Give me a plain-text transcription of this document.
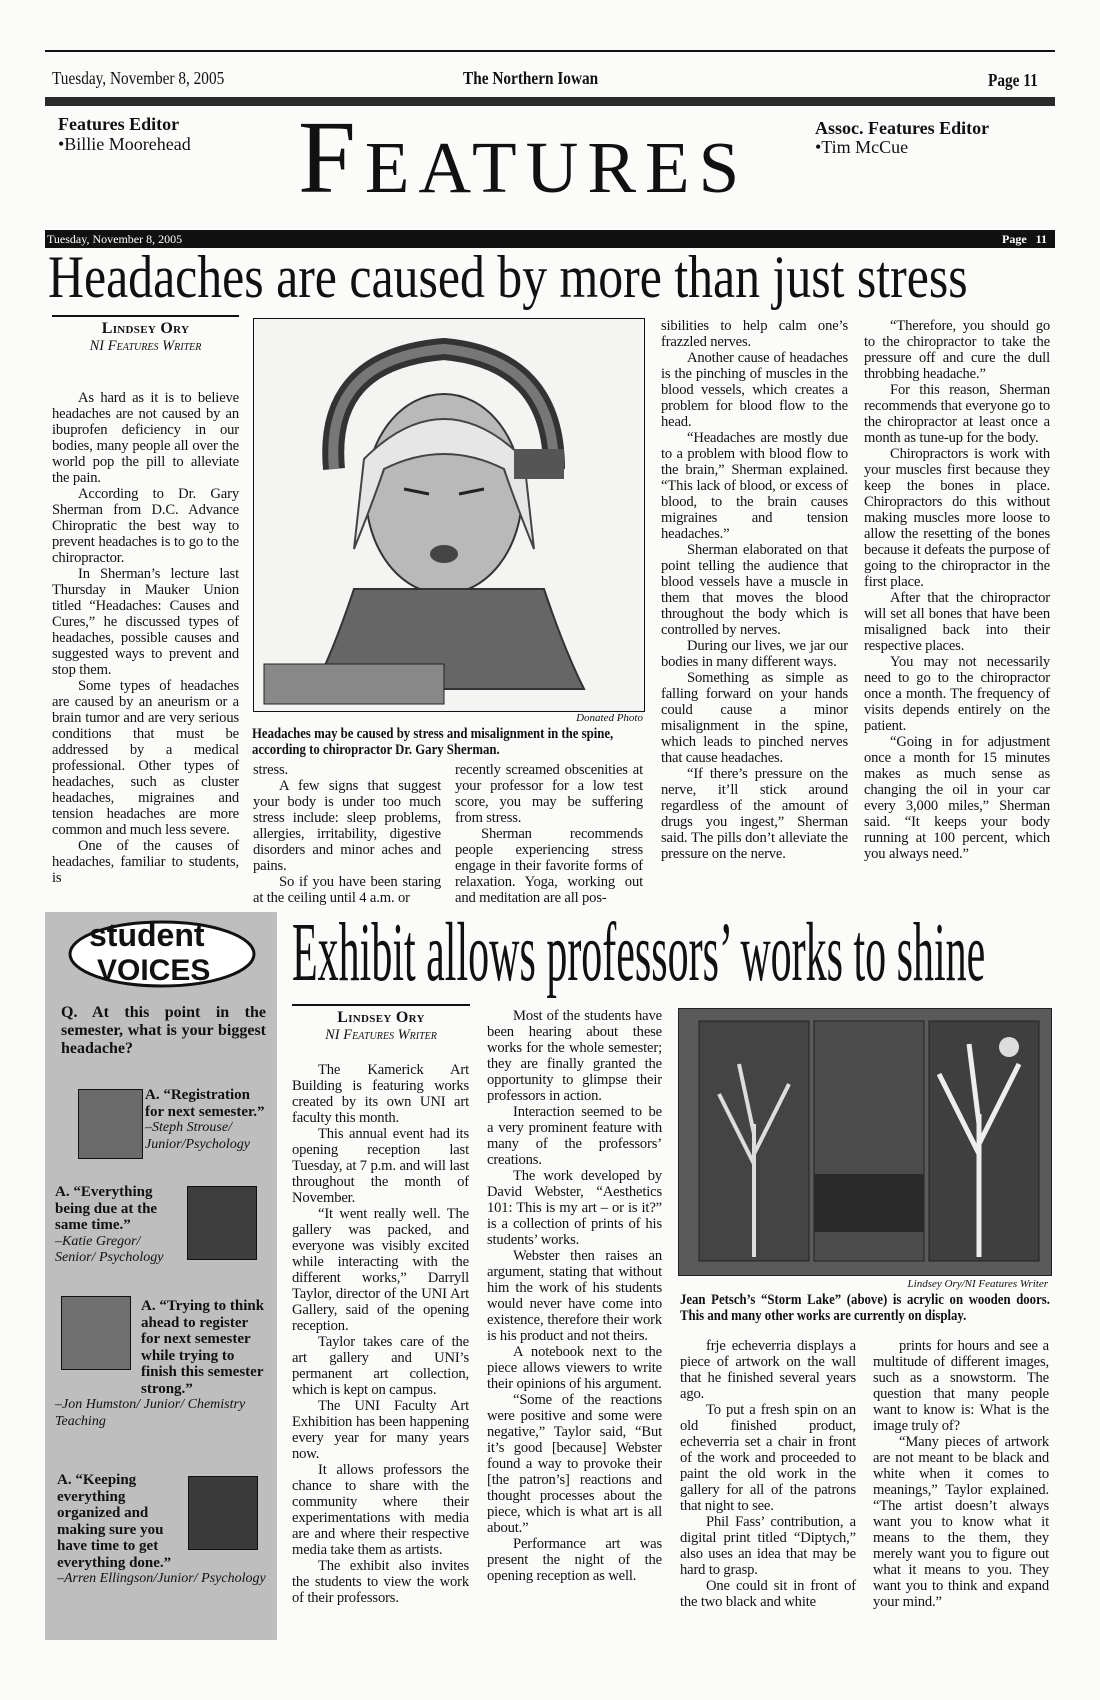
Tuesday, November 8, 2005	The Northern Iowan	Page 11
Features Editor
•Billie Moorehead Features	Assoc. Features Editor
•Tim McCue
Tuesday, November 8, 2005	Page   11
Headaches are caused by more than just stress
Lindsey Ory
NI Features Writer

As hard as it is to believe headaches are not caused by an ibuprofen deficiency in our bodies, many people all over the world pop the pill to alleviate the pain.

According to Dr. Gary Sherman from D.C. Advance Chiropratic the best way to prevent headaches is to go to the chiropractor.

In Sherman’s lecture last Thursday in Mauker Union titled “Headaches: Causes and Cures,” he discussed types of headaches, possible causes and suggested ways to prevent and stop them.

Some types of headaches are caused by an aneurism or a brain tumor and are very serious conditions that must be addressed by a medical professional. Other types of headaches, such as cluster headaches, migraines and tension headaches are more common and much less severe.

One of the causes of headaches, familiar to students, is

Donated Photo
Headaches may be caused by stress and misalignment in the spine, according to chiropractor Dr. Gary Sherman.

stress.

A few signs that suggest your body is under too much stress include: sleep problems, allergies, irritability, digestive disorders and minor aches and pains.

So if you have been staring at the ceiling until 4 a.m. or

recently screamed obscenities at your professor for a low test score, you may be suffering from stress.

Sherman recommends people experiencing stress engage in their favorite forms of relaxation. Yoga, working out and meditation are all pos-

sibilities to help calm one’s frazzled nerves.

Another cause of headaches is the pinching of muscles in the blood vessels, which creates a problem for blood flow to the head.

“Headaches are mostly due to a problem with blood flow to the brain,” Sherman explained. “This lack of blood, or excess of blood, to the brain causes migraines and tension headaches.”

Sherman elaborated on that point telling the audience that blood vessels have a muscle in them that moves the blood throughout the body which is controlled by nerves.

During our lives, we jar our bodies in many different ways.

Something as simple as falling forward on your hands could cause a minor misalignment in the spine, which leads to pinched nerves that cause headaches.

“If there’s pressure on the nerve, it’ll stick around regardless of the amount of drugs you ingest,” Sherman said. The pills don’t alleviate the pressure on the nerve.

“Therefore, you should go to the chiropractor to take the pressure off and cure the dull throbbing headache.”

For this reason, Sherman recommends that everyone go to the chiropractor at least once a month as tune-up for the body.

Chiropractors is work with your muscles first because they keep the bones in place. Chiropractors do this without making muscles more loose to allow the resetting of the bones because it defeats the purpose of going to the chiropractor in the first place.

After that the chiropractor will set all bones that have been misaligned back into their respective places.

You may not necessarily need to go to the chiropractor once a month. The frequency of visits depends entirely on the patient.

“Going in for adjustment once a month for 15 minutes makes as much sense as changing the oil in your car every 3,000 miles,” Sherman said. “It keeps your body running at 100 percent, which you always need.”

student
VOICES
Q. At this point in the semester, what is your biggest headache?
A. “Registration for next semester.”
–Steph Strouse/ Junior/Psychology
A. “Everything being due at the same time.”
–Katie Gregor/ Senior/ Psychology
A. “Trying to think ahead to register for next semester while trying to finish this semester strong.”
–Jon Humston/ Junior/ Chemistry Teaching
A. “Keeping everything organized and making sure you have time to get everything done.”
–Arren Ellingson/Junior/ Psychology
Exhibit allows professors’ works to shine
Lindsey Ory
NI Features Writer

The Kamerick Art Building is featuring works created by its own UNI art faculty this month.

This annual event had its opening reception last Tuesday, at 7 p.m. and will last throughout the month of November.

“It went really well. The gallery was packed, and everyone was visibly excited while interacting with the different works,” Darryll Taylor, director of the UNI Art Gallery, said of the opening reception.

Taylor takes care of the art gallery and UNI’s permanent art collection, which is kept on campus.

The UNI Faculty Art Exhibition has been happening every year for many years now.

It allows professors the chance to share with the community where their experimentations with media are and where their respective media take them as artists.

The exhibit also invites the students to view the work of their professors.

Most of the students have been hearing about these works for the whole semester; they are finally granted the opportunity to glimpse their professors in action.

Interaction seemed to be a very prominent feature with many of the professors’ creations.

The work developed by David Webster, “Aesthetics 101: This is my art – or is it?” is a collection of prints of his students’ works.

Webster then raises an argument, stating that without him the work of his students would never have come into existence, therefore their work is his product and not theirs.

A notebook next to the piece allows viewers to write their opinions of his argument.

“Some of the reactions were positive and some were negative,” Taylor said, “But it’s good [because] Webster found a way to provoke their [the patron’s] reactions and thought processes about the piece, which is what art is all about.”

Performance art was present the night of the opening reception as well.

Lindsey Ory/NI Features Writer
Jean Petsch’s “Storm Lake” (above) is acrylic on wooden doors. This and many other works are currently on display.

frje echeverria displays a piece of artwork on the wall that he finished several years ago.

To put a fresh spin on an old finished product, echeverria set a chair in front of the work and proceeded to paint the old work in the gallery for all of the patrons that night to see.

Phil Fass’ contribution, a digital print titled “Diptych,” also uses an idea that may be hard to grasp.

One could sit in front of the two black and white

prints for hours and see a multitude of different images, such as a snowstorm. The question that many people want to know is: What is the image truly of?

“Many pieces of artwork are not meant to be black and white when it comes to meanings,” Taylor explained. “The artist doesn’t always want you to know what it means to the them, they merely want you to figure out what it means to you. They want you to think and expand your mind.”
